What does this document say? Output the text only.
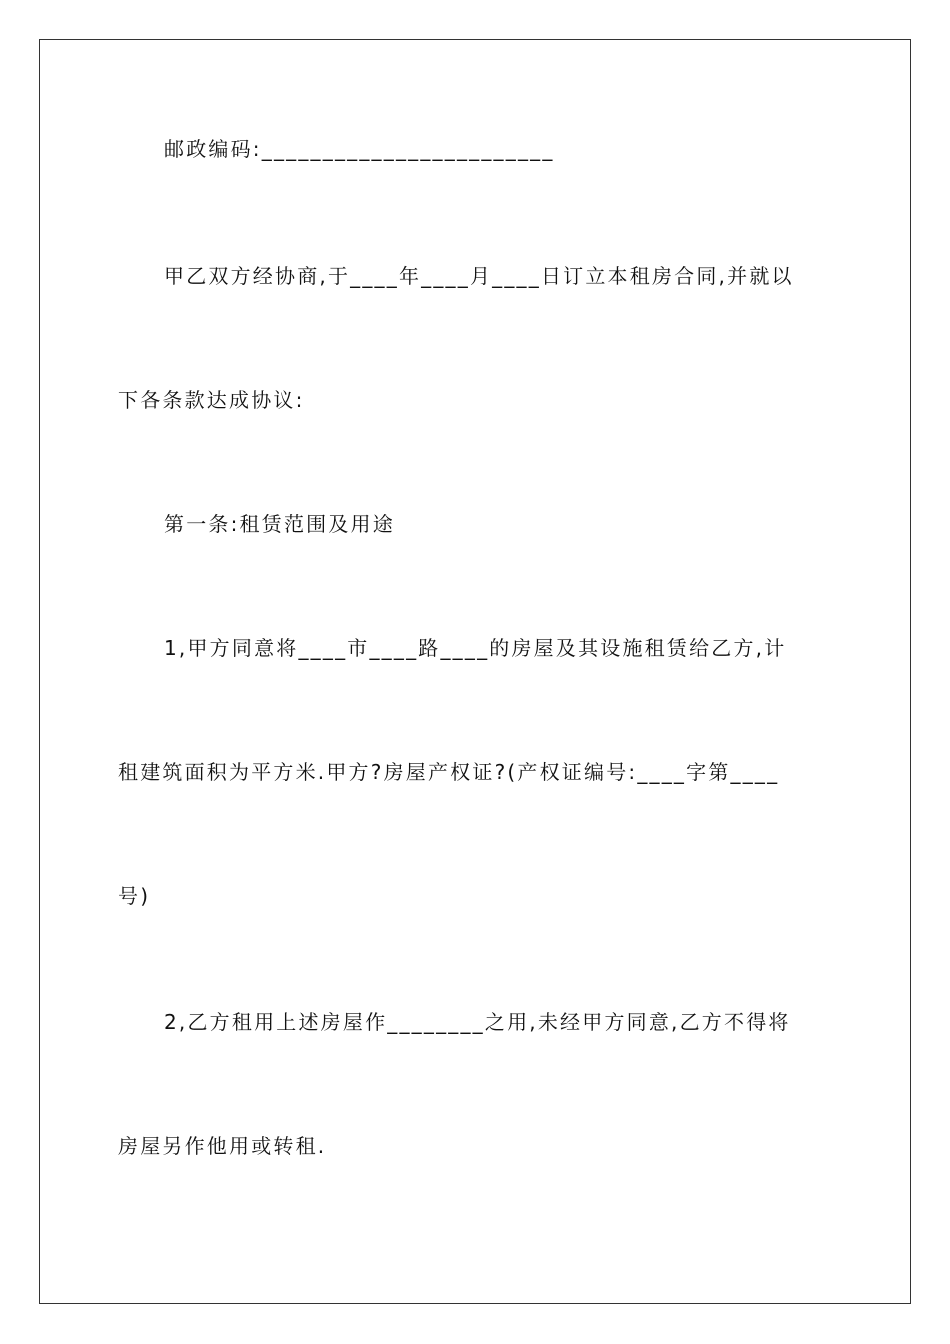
邮政编码:________________________
甲乙双方经协商,于____年____月____日订立本租房合同,并就以
下各条款达成协议:
第一条:租赁范围及用途
1,甲方同意将____市____路____的房屋及其设施租赁给乙方,计
租建筑面积为平方米.甲方?房屋产权证?(产权证编号:____字第____
号)
2,乙方租用上述房屋作________之用,未经甲方同意,乙方不得将
房屋另作他用或转租.
